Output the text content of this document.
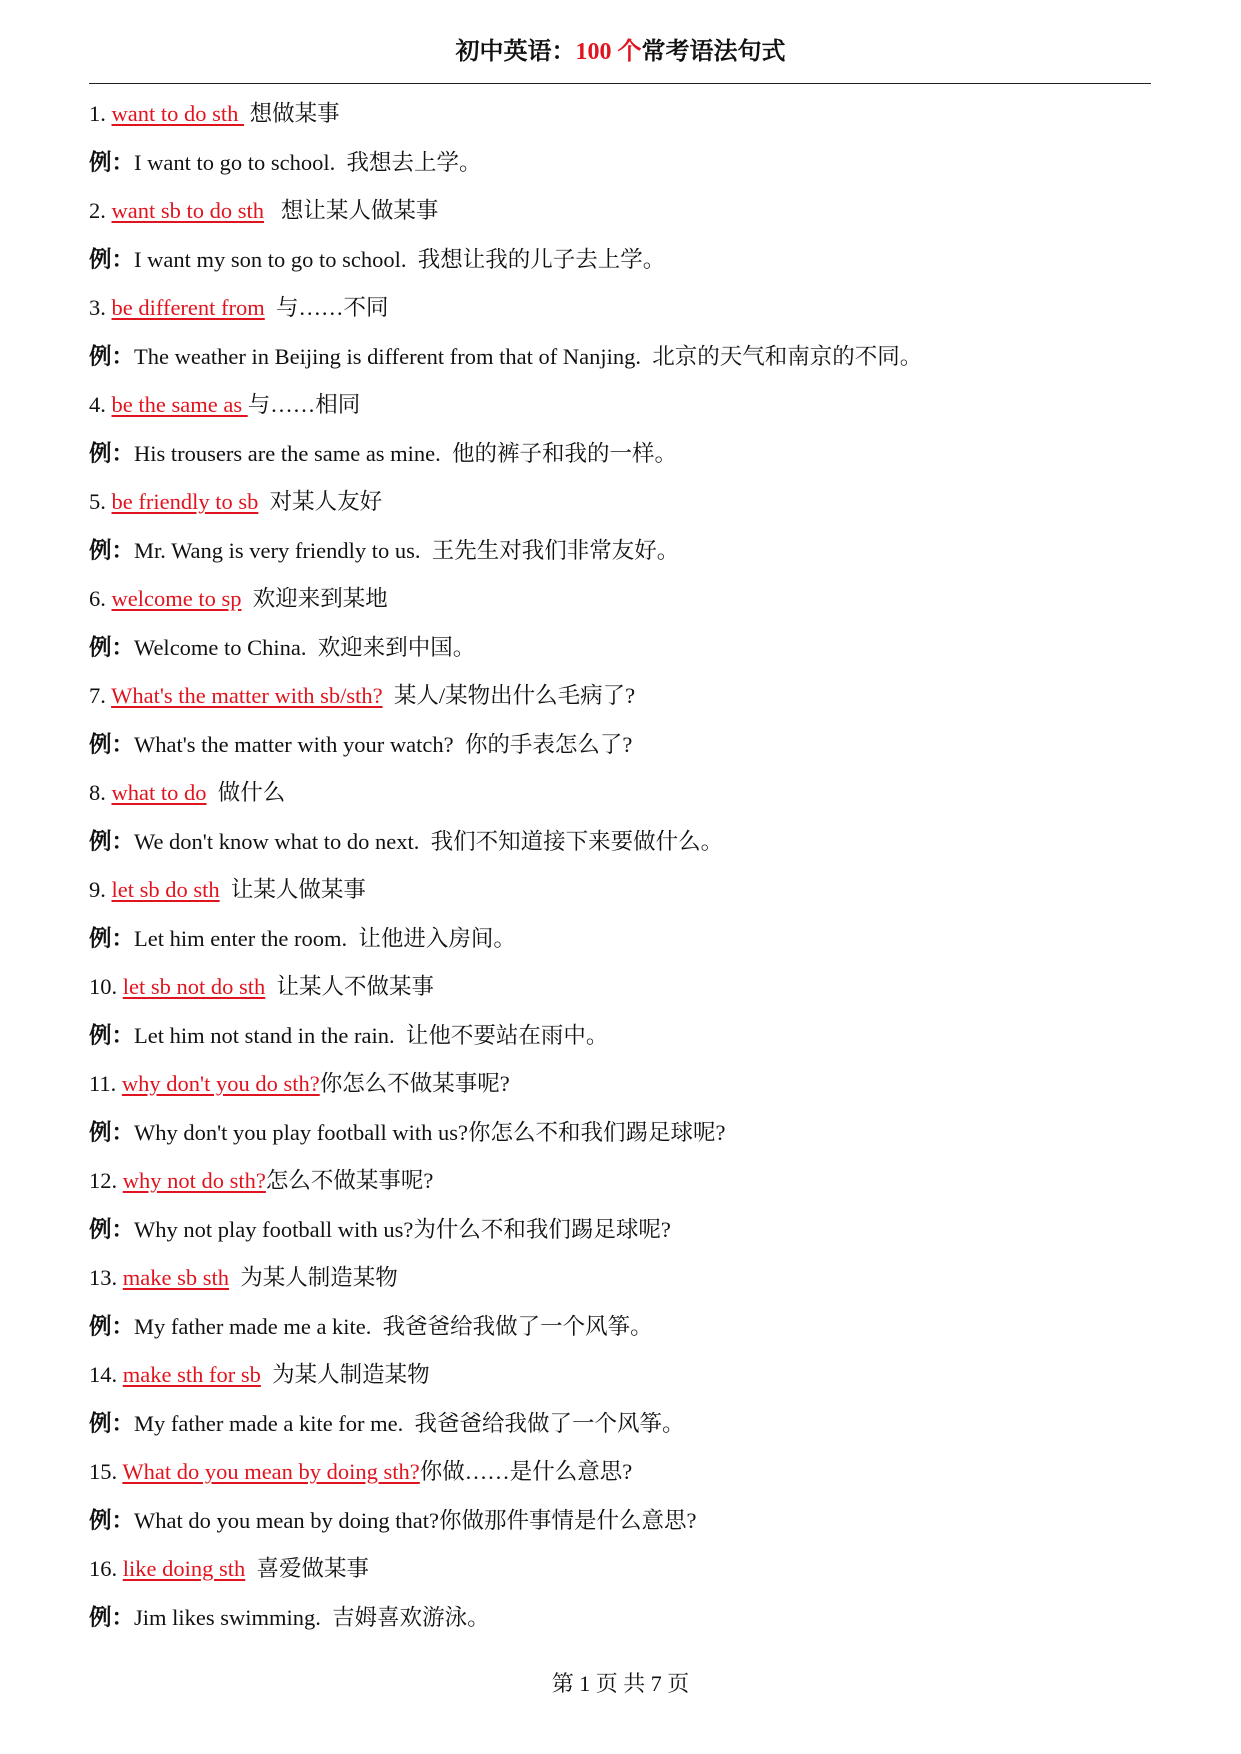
初中英语：100 个常考语法句式
1. want to do sth  想做某事
例：I want to go to school.  我想去上学。
2. want sb to do sth   想让某人做某事
例：I want my son to go to school.  我想让我的儿子去上学。
3. be different from  与……不同
例：The weather in Beijing is different from that of Nanjing.  北京的天气和南京的不同。
4. be the same as 与……相同
例：His trousers are the same as mine.  他的裤子和我的一样。
5. be friendly to sb  对某人友好
例：Mr. Wang is very friendly to us.  王先生对我们非常友好。
6. welcome to sp  欢迎来到某地
例：Welcome to China.  欢迎来到中国。
7. What's the matter with sb/sth?  某人/某物出什么毛病了?
例：What's the matter with your watch?  你的手表怎么了?
8. what to do  做什么
例：We don't know what to do next.  我们不知道接下来要做什么。
9. let sb do sth  让某人做某事
例：Let him enter the room.  让他进入房间。
10. let sb not do sth  让某人不做某事
例：Let him not stand in the rain.  让他不要站在雨中。
11. why don't you do sth?你怎么不做某事呢?
例：Why don't you play football with us?你怎么不和我们踢足球呢?
12. why not do sth?怎么不做某事呢?
例：Why not play football with us?为什么不和我们踢足球呢?
13. make sb sth  为某人制造某物
例：My father made me a kite.  我爸爸给我做了一个风筝。
14. make sth for sb  为某人制造某物
例：My father made a kite for me.  我爸爸给我做了一个风筝。
15. What do you mean by doing sth?你做……是什么意思?
例：What do you mean by doing that?你做那件事情是什么意思?
16. like doing sth  喜爱做某事
例：Jim likes swimming.  吉姆喜欢游泳。
第 1 页 共 7 页
